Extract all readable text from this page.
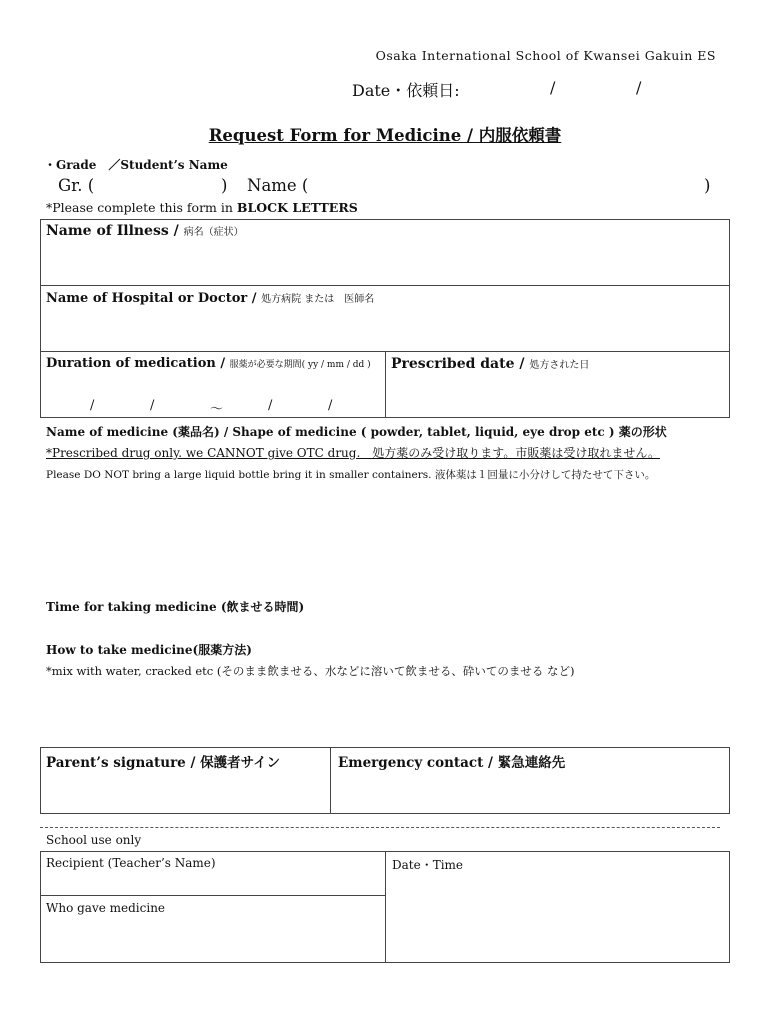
Osaka International School of Kwansei Gakuin ES
Date・依頼日:	/	/
Request Form for Medicine / 内服依頼書
・Grade　／Student’s Name
Gr. (	) Name (	)
*Please complete this form in BLOCK LETTERS
Name of Illness / 病名（症状）
Name of Hospital or Doctor / 処方病院 または　医師名
Duration of medication / 服薬が必要な期間( yy / mm / dd ) Prescribed date / 処方された日
/	/	～	/	/
Name of medicine (薬品名) / Shape of medicine ( powder, tablet, liquid, eye drop etc ) 薬の形状
*Prescribed drug only. we CANNOT give OTC drug.　処方薬のみ受け取ります。市販薬は受け取れません。
Please DO NOT bring a large liquid bottle bring it in smaller containers. 液体薬は１回量に小分けして持たせて下さい。
Time for taking medicine (飲ませる時間)
How to take medicine(服薬方法)
*mix with water, cracked etc (そのまま飲ませる、水などに溶いて飲ませる、砕いてのませる など)
Parent’s signature / 保護者サイン	Emergency contact / 緊急連絡先
School use only
Recipient (Teacher’s Name)
Who gave medicine
Date・Time
